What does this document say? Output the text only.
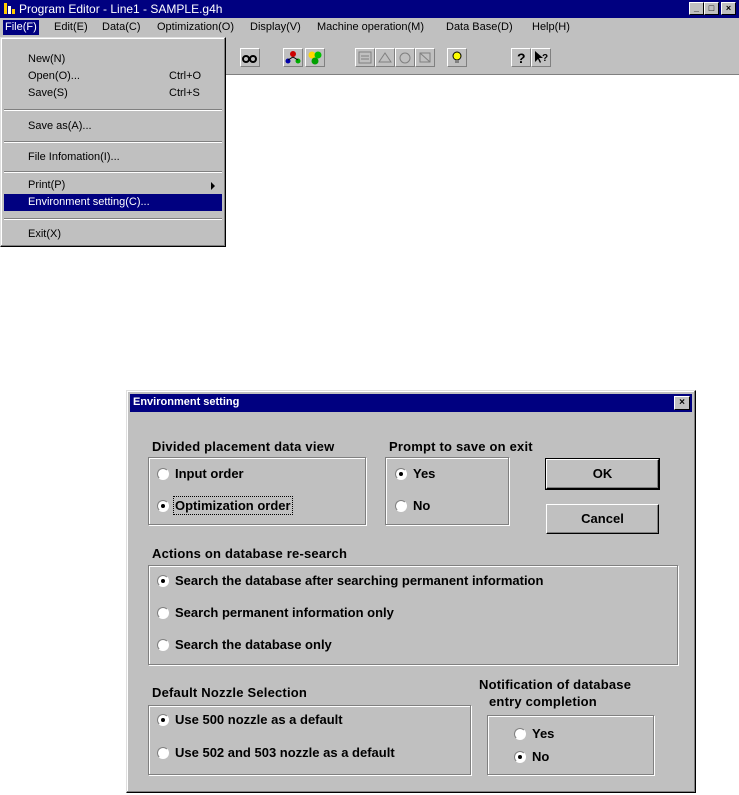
Program Editor - Line1 - SAMPLE.g4h	_	□	×
File(F) Edit(E) Data(C) Optimization(O) Display(V) Machine operation(M) Data Base(D) Help(H)
? ?
New(N)
Open(O)...	Ctrl+O
Save(S)	Ctrl+S
Save as(A)...
File Infomation(I)...
Print(P)
Environment setting(C)...
Exit(X)
Environment setting	×
Divided placement data view
Input order
Optimization order
Prompt to save on exit
Yes
No
OK
Cancel
Actions on database re-search
Search the database after searching permanent information
Search permanent information only
Search the database only
Default Nozzle Selection
Use 500 nozzle as a default
Use 502 and 503 nozzle as a default
Notification of database
entry completion
Yes
No
